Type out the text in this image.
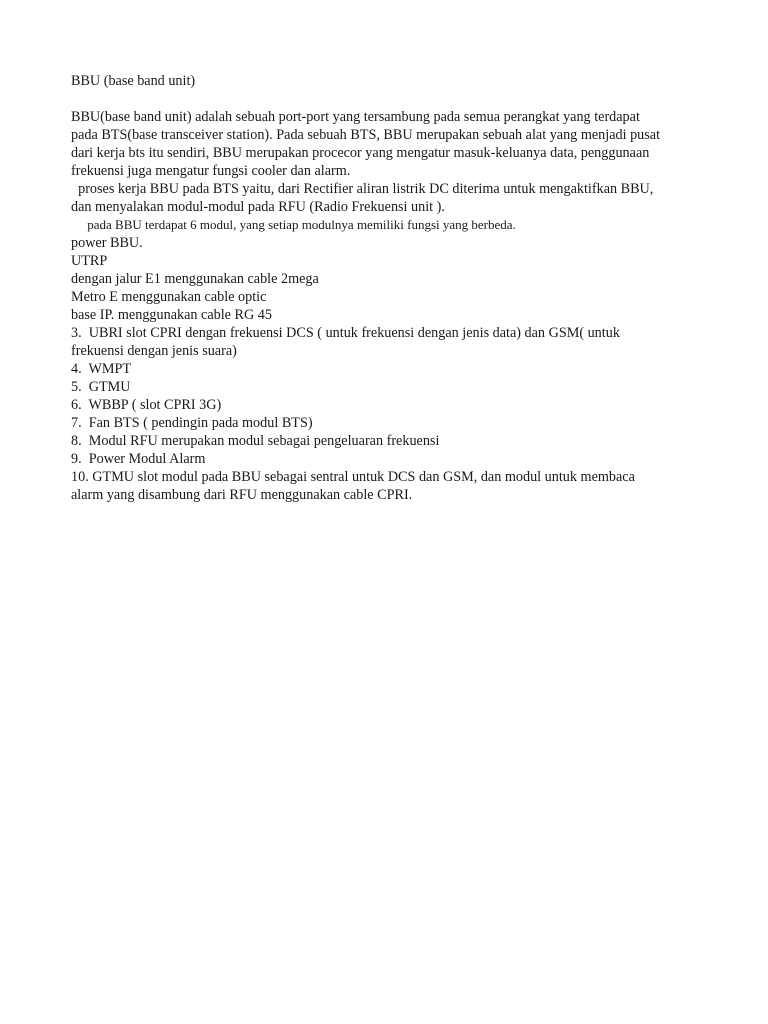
BBU (base band unit)

BBU(base band unit) adalah sebuah port-port yang tersambung pada semua perangkat yang terdapat
pada BTS(base transceiver station). Pada sebuah BTS, BBU merupakan sebuah alat yang menjadi pusat
dari kerja bts itu sendiri, BBU merupakan procecor yang mengatur masuk-keluanya data, penggunaan
frekuensi juga mengatur fungsi cooler dan alarm.
proses kerja BBU pada BTS yaitu, dari Rectifier aliran listrik DC diterima untuk mengaktifkan BBU,
dan menyalakan modul-modul pada RFU (Radio Frekuensi unit ).
pada BBU terdapat 6 modul, yang setiap modulnya memiliki fungsi yang berbeda.
power BBU.
UTRP
dengan jalur E1 menggunakan cable 2mega
Metro E menggunakan cable optic
base IP. menggunakan cable RG 45
3.  UBRI slot CPRI dengan frekuensi DCS ( untuk frekuensi dengan jenis data) dan GSM( untuk
frekuensi dengan jenis suara)
4.  WMPT
5.  GTMU
6.  WBBP ( slot CPRI 3G)
7.  Fan BTS ( pendingin pada modul BTS)
8.  Modul RFU merupakan modul sebagai pengeluaran frekuensi
9.  Power Modul Alarm
10. GTMU slot modul pada BBU sebagai sentral untuk DCS dan GSM, dan modul untuk membaca
alarm yang disambung dari RFU menggunakan cable CPRI.
